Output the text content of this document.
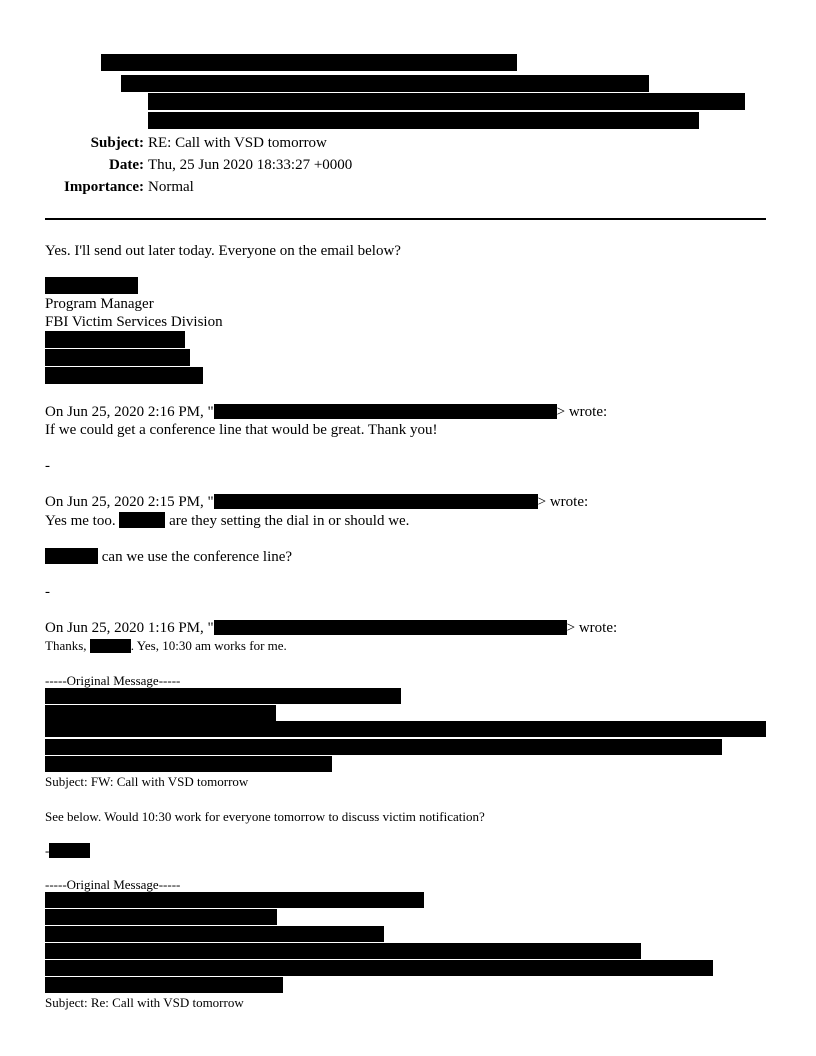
Subject: RE: Call with VSD tomorrow
Date: Thu, 25 Jun 2020 18:33:27 +0000
Importance: Normal
Yes. I'll send out later today. Everyone on the email below?
Program Manager
FBI Victim Services Division
On Jun 25, 2020 2:16 PM, "	> wrote:
If we could get a conference line that would be great. Thank you!
-
On Jun 25, 2020 2:15 PM, "	> wrote:
Yes me too.	are they setting the dial in or should we.
can we use the conference line?
-
On Jun 25, 2020 1:16 PM, "	> wrote:
Thanks,	. Yes, 10:30 am works for me.
-----Original Message-----
Subject: FW: Call with VSD tomorrow
See below. Would 10:30 work for everyone tomorrow to discuss victim notification?
-
-----Original Message-----
Subject: Re: Call with VSD tomorrow
